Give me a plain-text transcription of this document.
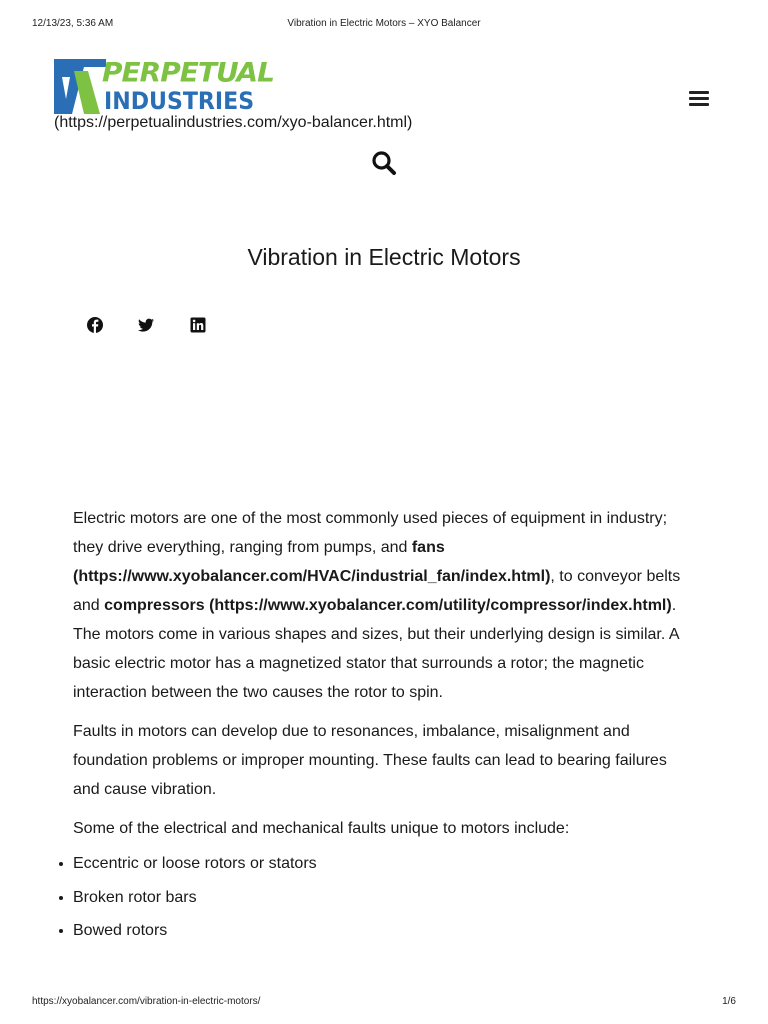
12/13/23, 5:36 AM	Vibration in Electric Motors – XYO Balancer
PERPETUAL
INDUSTRIES
(https://perpetualindustries.com/xyo-balancer.html)
Vibration in Electric Motors

Electric motors are one of the most commonly used pieces of equipment in industry; they drive everything, ranging from pumps, and fans (https://www.xyobalancer.com/HVAC/industrial_fan/index.html), to conveyor belts and compressors (https://www.xyobalancer.com/utility/compressor/index.html). The motors come in various shapes and sizes, but their underlying design is similar. A basic electric motor has a magnetized stator that surrounds a rotor; the magnetic interaction between the two causes the rotor to spin.

Faults in motors can develop due to resonances, imbalance, misalignment and foundation problems or improper mounting. These faults can lead to bearing failures and cause vibration.

Some of the electrical and mechanical faults unique to motors include:

Eccentric or loose rotors or stators
Broken rotor bars
Bowed rotors
https://xyobalancer.com/vibration-in-electric-motors/	1/6
